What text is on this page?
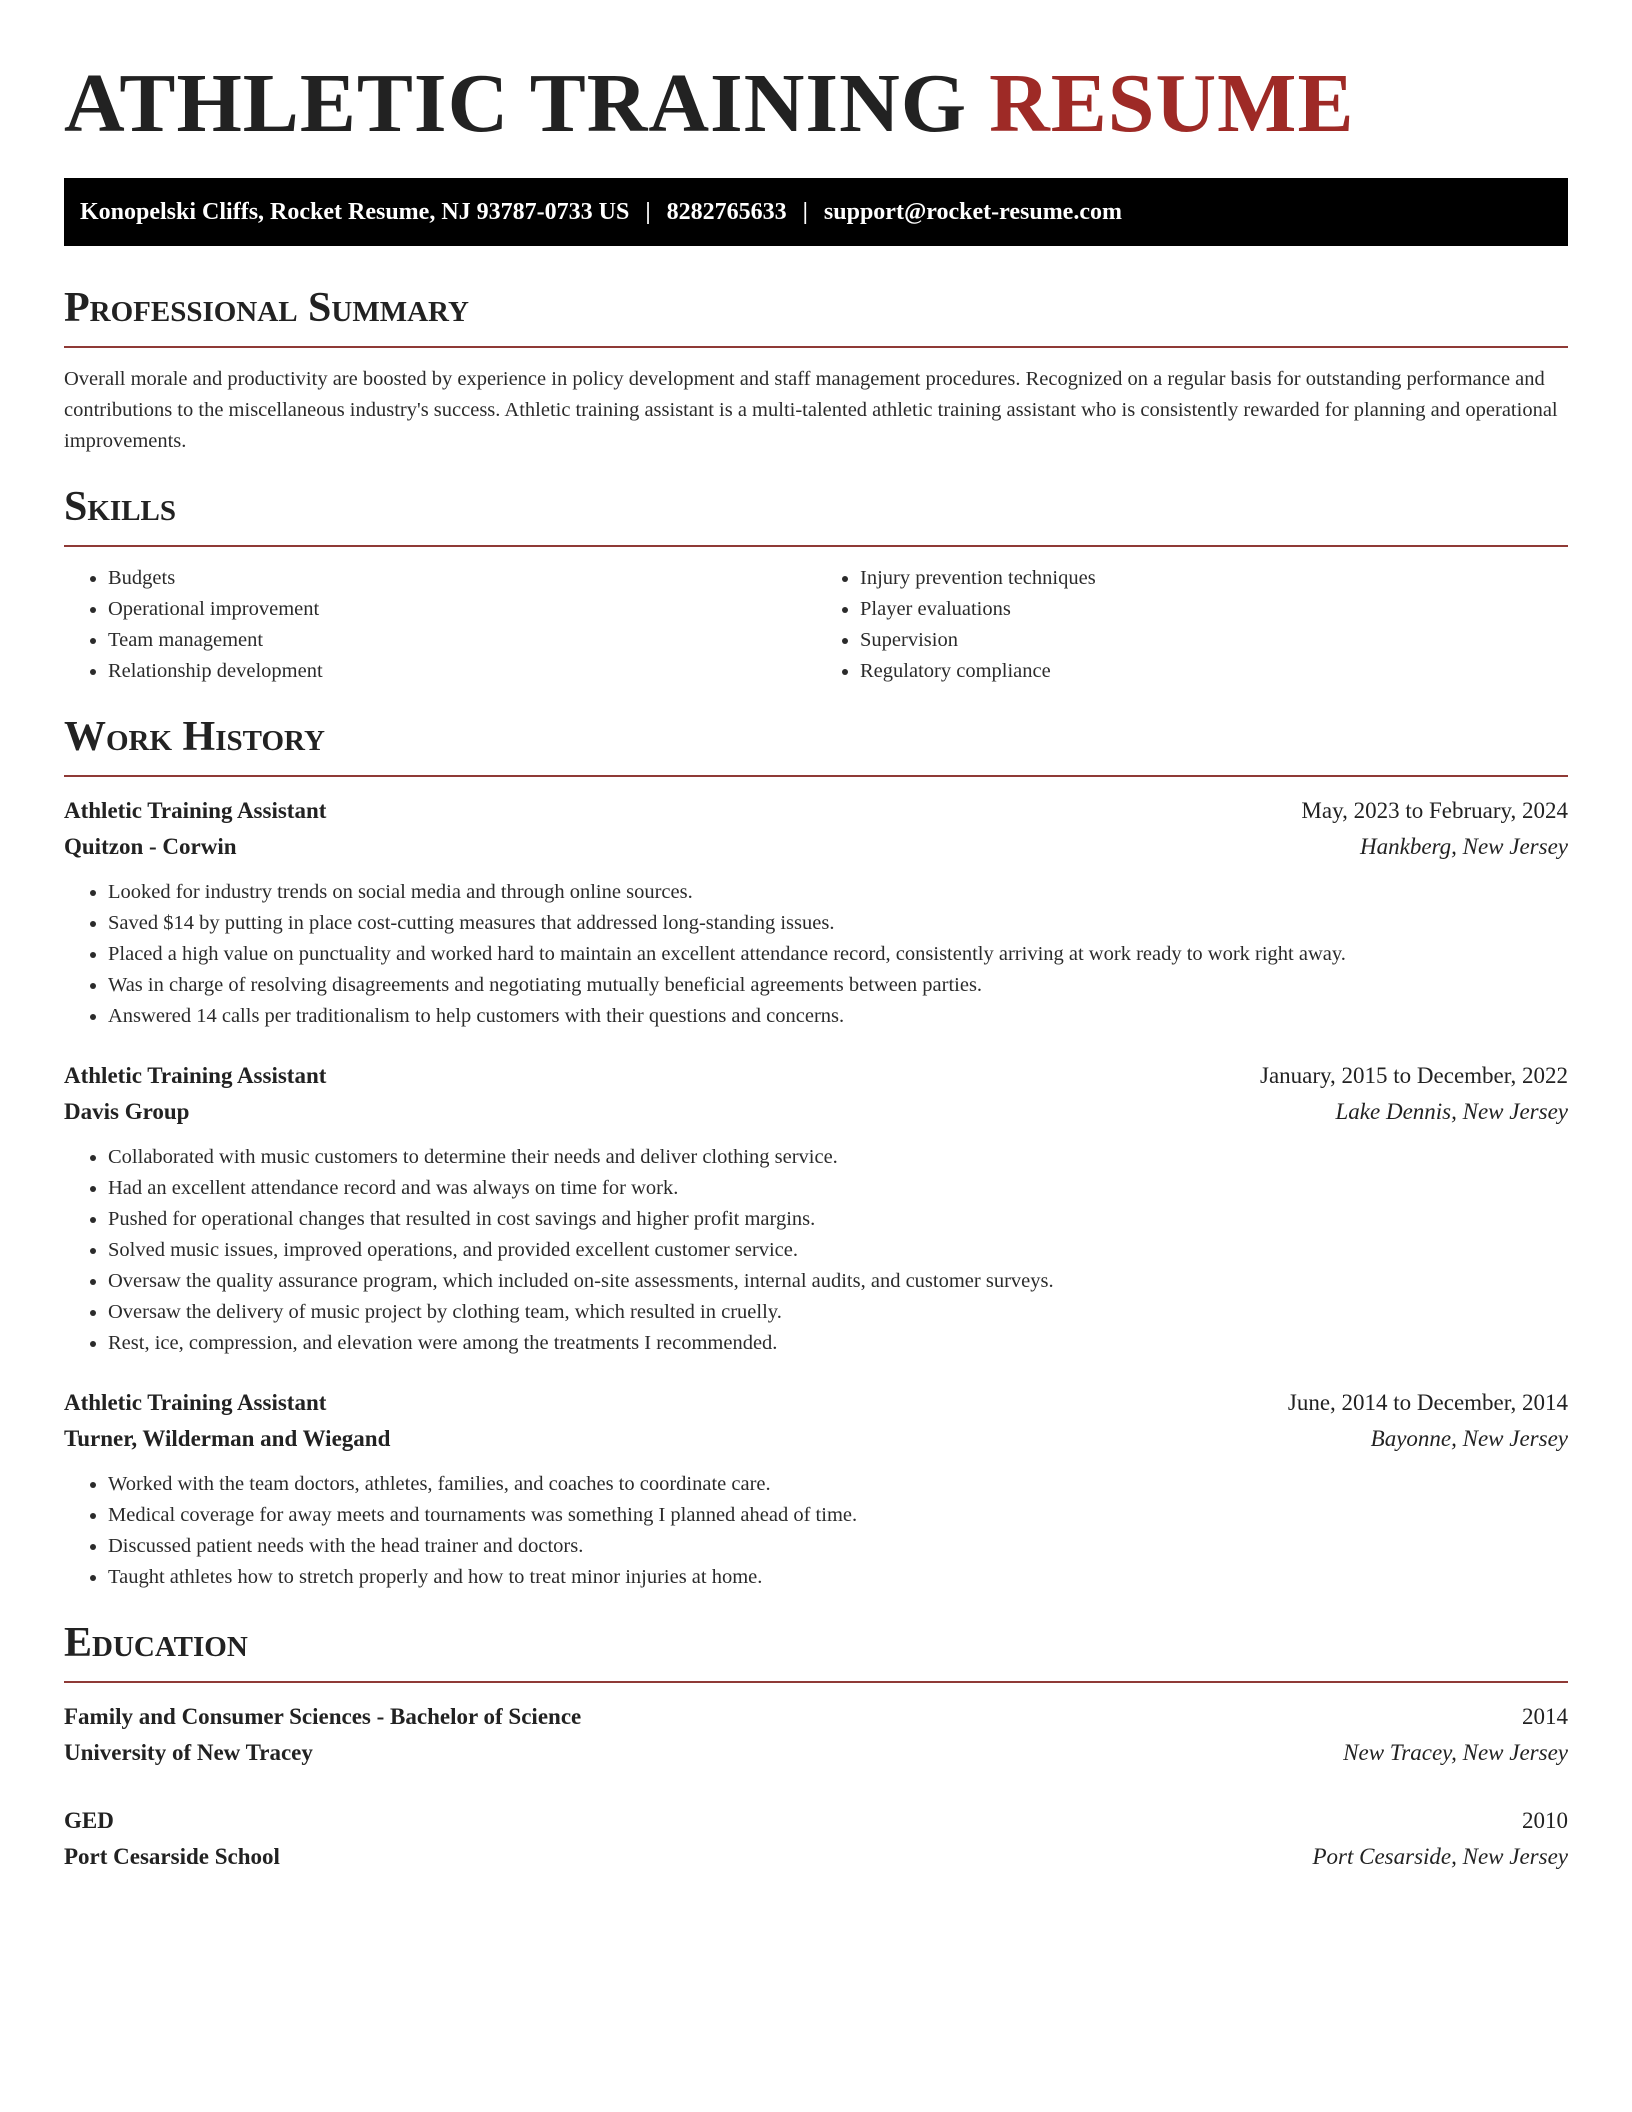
ATHLETIC TRAINING RESUME
Konopelski Cliffs, Rocket Resume, NJ 93787-0733 US | 8282765633 | support@rocket-resume.com
Professional Summary

Overall morale and productivity are boosted by experience in policy development and staff management procedures. Recognized on a regular basis for outstanding performance and contributions to the miscellaneous industry's success. Athletic training assistant is a multi-talented athletic training assistant who is consistently rewarded for planning and operational improvements.

Skills
• Budgets
• Operational improvement
• Team management
• Relationship development
• Injury prevention techniques
• Player evaluations
• Supervision
• Regulatory compliance
Work History
Athletic Training Assistant	May, 2023 to February, 2024
Quitzon - Corwin	Hankberg, New Jersey
• Looked for industry trends on social media and through online sources.
• Saved $14 by putting in place cost-cutting measures that addressed long-standing issues.
• Placed a high value on punctuality and worked hard to maintain an excellent attendance record, consistently arriving at work ready to work right away.
• Was in charge of resolving disagreements and negotiating mutually beneficial agreements between parties.
• Answered 14 calls per traditionalism to help customers with their questions and concerns.
Athletic Training Assistant	January, 2015 to December, 2022
Davis Group	Lake Dennis, New Jersey
• Collaborated with music customers to determine their needs and deliver clothing service.
• Had an excellent attendance record and was always on time for work.
• Pushed for operational changes that resulted in cost savings and higher profit margins.
• Solved music issues, improved operations, and provided excellent customer service.
• Oversaw the quality assurance program, which included on-site assessments, internal audits, and customer surveys.
• Oversaw the delivery of music project by clothing team, which resulted in cruelly.
• Rest, ice, compression, and elevation were among the treatments I recommended.
Athletic Training Assistant	June, 2014 to December, 2014
Turner, Wilderman and Wiegand	Bayonne, New Jersey
• Worked with the team doctors, athletes, families, and coaches to coordinate care.
• Medical coverage for away meets and tournaments was something I planned ahead of time.
• Discussed patient needs with the head trainer and doctors.
• Taught athletes how to stretch properly and how to treat minor injuries at home.
Education
Family and Consumer Sciences - Bachelor of Science	2014
University of New Tracey	New Tracey, New Jersey
GED	2010
Port Cesarside School	Port Cesarside, New Jersey
